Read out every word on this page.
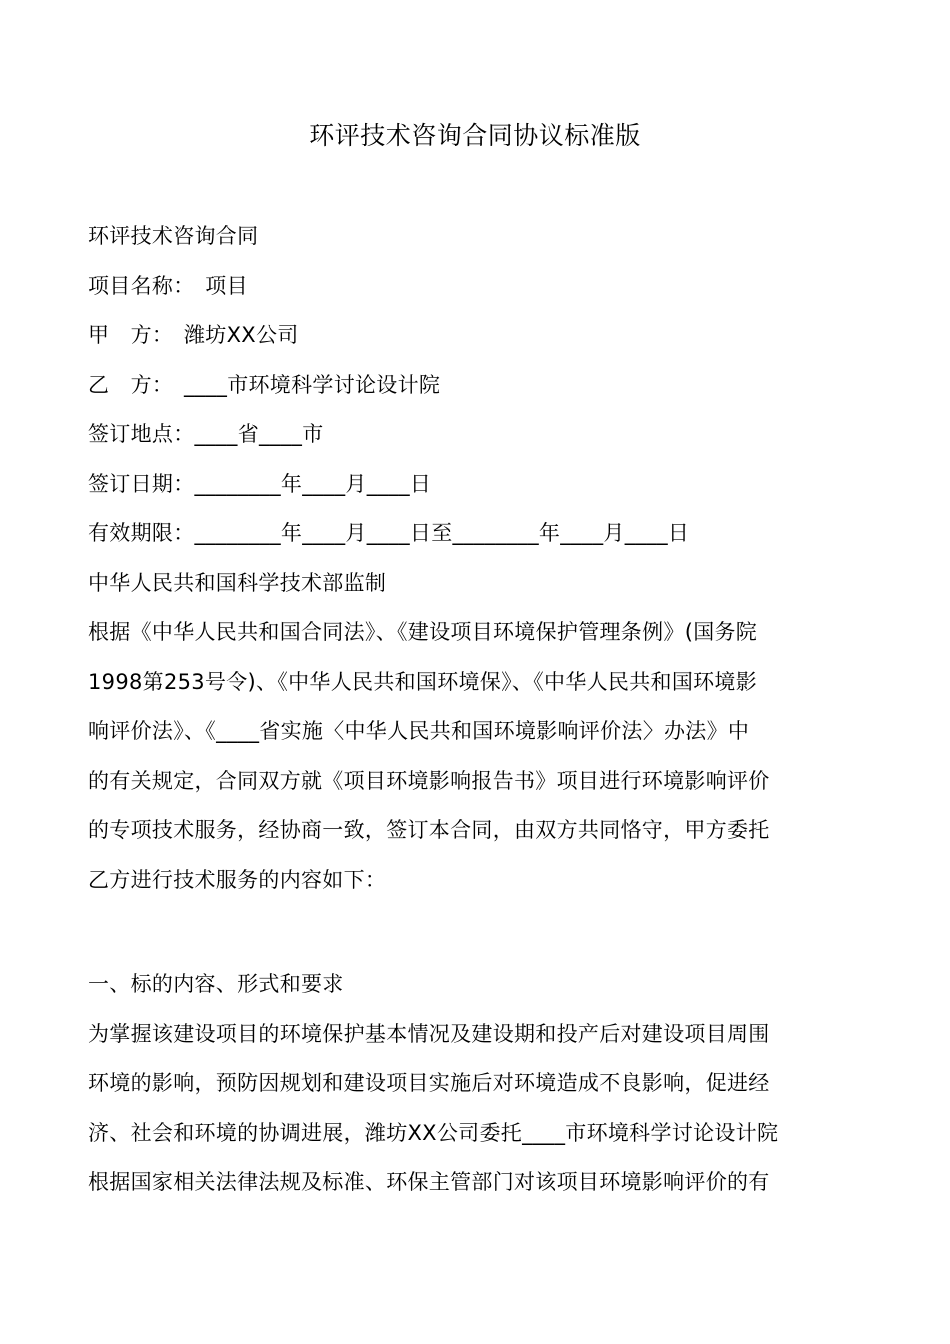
环评技术咨询合同协议标准版
环评技术咨询合同
项目名称：　项目
甲　方：　潍坊XX公司
乙　方：　____市环境科学讨论设计院
签订地点：____省____市
签订日期：________年____月____日
有效期限：________年____月____日至________年____月____日
中华人民共和国科学技术部监制
根据《中华人民共和国合同法》、《建设项目环境保护管理条例》(国务院
1998第253号令)、《中华人民共和国环境保》、《中华人民共和国环境影
响评价法》、《____省实施〈中华人民共和国环境影响评价法〉办法》中
的有关规定，合同双方就《项目环境影响报告书》项目进行环境影响评价
的专项技术服务，经协商一致，签订本合同，由双方共同恪守，甲方委托
乙方进行技术服务的内容如下：
一、标的内容、形式和要求
为掌握该建设项目的环境保护基本情况及建设期和投产后对建设项目周围
环境的影响，预防因规划和建设项目实施后对环境造成不良影响，促进经
济、社会和环境的协调进展，潍坊XX公司委托____市环境科学讨论设计院
根据国家相关法律法规及标准、环保主管部门对该项目环境影响评价的有
